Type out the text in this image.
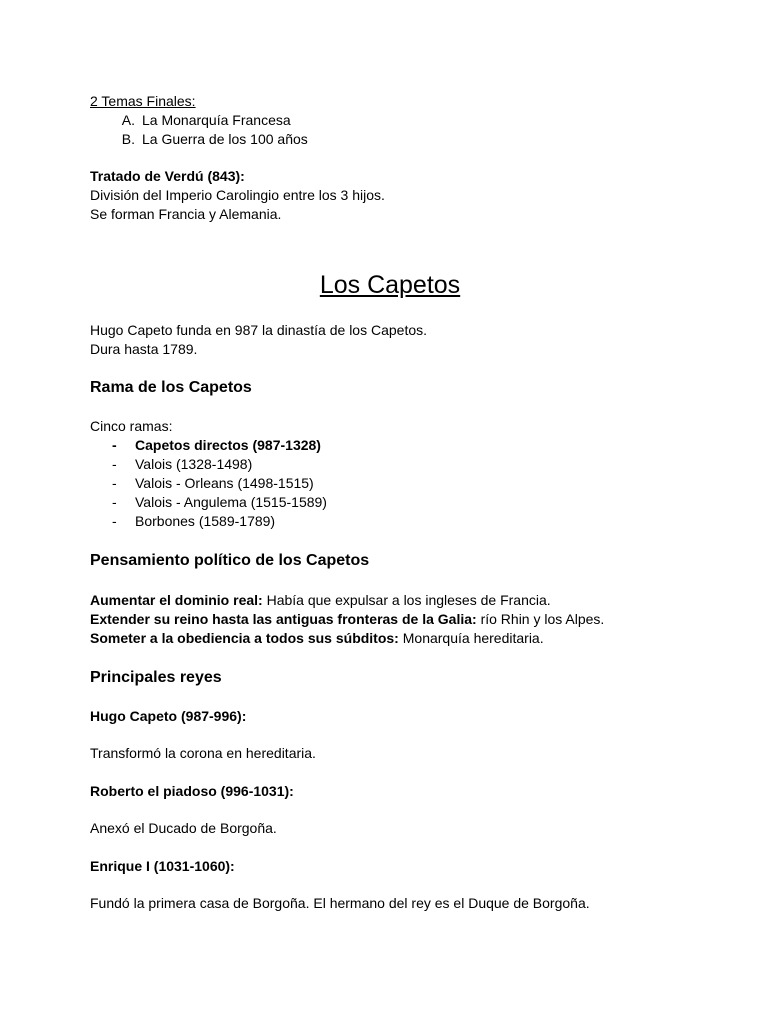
2 Temas Finales:

A. La Monarquía Francesa
B. La Guerra de los 100 años

Tratado de Verdú (843):

División del Imperio Carolingio entre los 3 hijos.

Se forman Francia y Alemania.

Los Capetos

Hugo Capeto funda en 987 la dinastía de los Capetos.

Dura hasta 1789.

Rama de los Capetos

Cinco ramas:

-	Capetos directos (987-1328)
-	Valois (1328-1498)
-	Valois - Orleans (1498-1515)
-	Valois - Angulema (1515-1589)
-	Borbones (1589-1789)
Pensamiento político de los Capetos

Aumentar el dominio real: Había que expulsar a los ingleses de Francia.

Extender su reino hasta las antiguas fronteras de la Galia: río Rhin y los Alpes.

Someter a la obediencia a todos sus súbditos: Monarquía hereditaria.

Principales reyes

Hugo Capeto (987-996):

Transformó la corona en hereditaria.

Roberto el piadoso (996-1031):

Anexó el Ducado de Borgoña.

Enrique I (1031-1060):

Fundó la primera casa de Borgoña. El hermano del rey es el Duque de Borgoña.
